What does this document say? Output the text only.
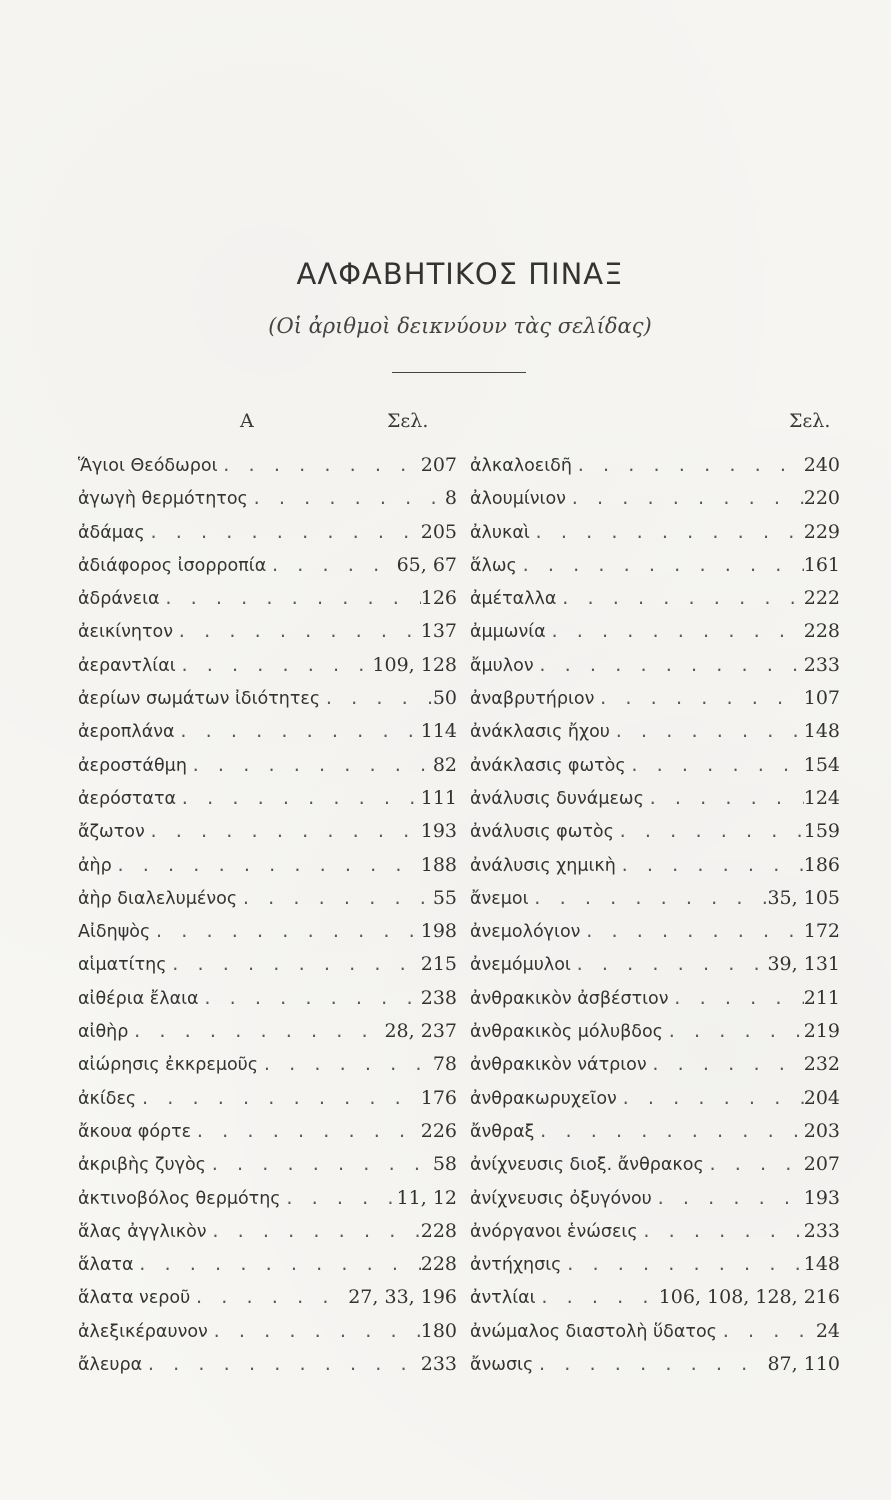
ΑΛΦΑΒΗΤΙΚΟΣ ΠΙΝΑΞ
(Οἱ ἀριθμοὶ δεικνύουν τὰς σελίδας)
Α	Σελ.	Σελ.
Ἅγιοι Θεόδωροι . . .	207
ἀγωγὴ θερμότητος . . .	8
ἀδάμας . . .	205
ἀδιάφορος ἰσορροπία . . .	65, 67
ἀδράνεια . . .	126
ἀεικίνητον . . .	137
ἀεραντλίαι . . .	109, 128
ἀερίων σωμάτων ἰδιότητες . . .	50
ἀεροπλάνα . . .	114
ἀεροστάθμη . . .	82
ἀερόστατα . . .	111
ἄζωτον . . .	193
ἀὴρ . . .	188
ἀὴρ διαλελυμένος . . .	55
Αἰδηψὸς . . .	198
αἱματίτης . . .	215
αἰθέρια ἔλαια . . .	238
αἰθὴρ . . .	28, 237
αἰώρησις ἐκκρεμοῦς . . .	78
ἀκίδες . . .	176
ἄκουα φόρτε . . .	226
ἀκριβὴς ζυγὸς . . .	58
ἀκτινοβόλος θερμότης . . .	11, 12
ἅλας ἀγγλικὸν . . .	228
ἅλατα . . .	228
ἅλατα νεροῦ . . .	27, 33, 196
ἀλεξικέραυνον . . .	180
ἄλευρα . . .	233
ἀλκαλοειδῆ . . .	240
ἀλουμίνιον . . .	220
ἀλυκαὶ . . .	229
ἅλως . . .	161
ἀμέταλλα . . .	222
ἀμμωνία . . .	228
ἄμυλον . . .	233
ἀναβρυτήριον . . .	107
ἀνάκλασις ἤχου . . .	148
ἀνάκλασις φωτὸς . . .	154
ἀνάλυσις δυνάμεως . . .	124
ἀνάλυσις φωτὸς . . .	159
ἀνάλυσις χημικὴ . . .	186
ἄνεμοι . . .	35, 105
ἀνεμολόγιον . . .	172
ἀνεμόμυλοι . . .	39, 131
ἀνθρακικὸν ἀσβέστιον . . .	211
ἀνθρακικὸς μόλυβδος . . .	219
ἀνθρακικὸν νάτριον . . .	232
ἀνθρακωρυχεῖον . . .	204
ἄνθραξ . . .	203
ἀνίχνευσις διοξ. ἄνθρακος . . .	207
ἀνίχνευσις ὀξυγόνου . . .	193
ἀνόργανοι ἑνώσεις . . .	233
ἀντήχησις . . .	148
ἀντλίαι . . .	106, 108, 128, 216
ἀνώμαλος διαστολὴ ὕδατος . . .	24
ἄνωσις . . .	87, 110
